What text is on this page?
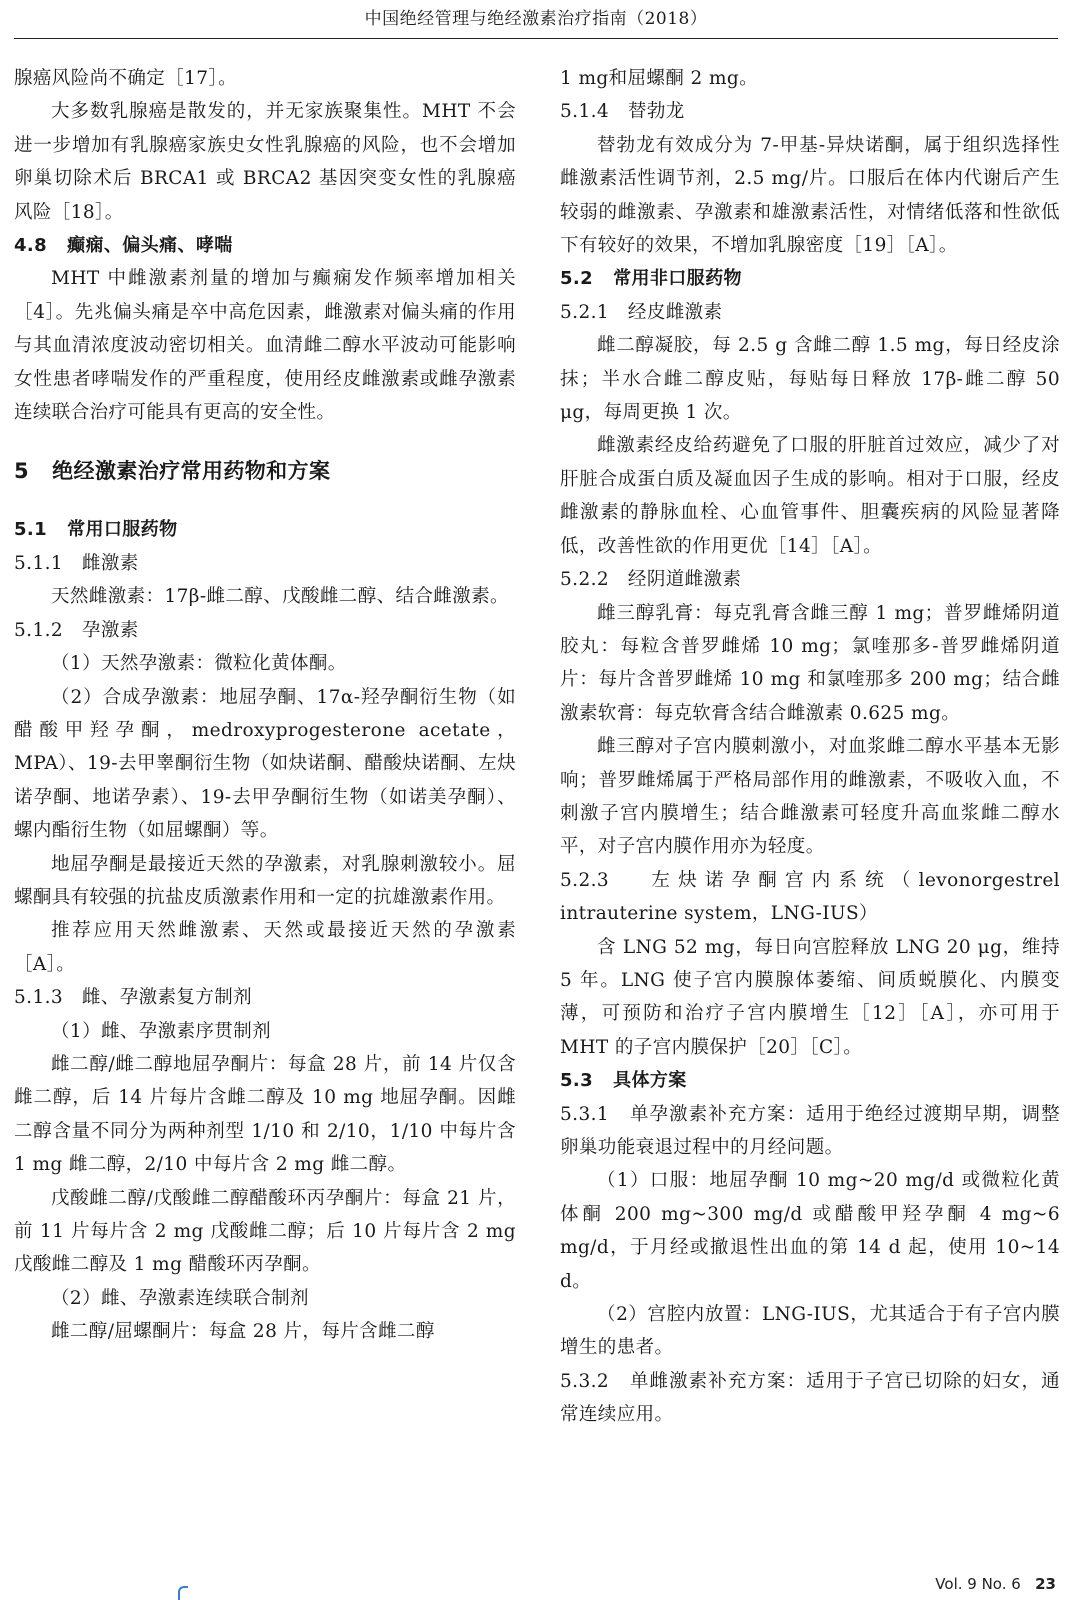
中国绝经管理与绝经激素治疗指南（2018）

腺癌风险尚不确定［17］。

大多数乳腺癌是散发的，并无家族聚集性。MHT 不会进一步增加有乳腺癌家族史女性乳腺癌的风险，也不会增加卵巢切除术后 BRCA1 或 BRCA2 基因突变女性的乳腺癌风险［18］。

4.8   癫痫、偏头痛、哮喘

MHT 中雌激素剂量的增加与癫痫发作频率增加相关［4］。先兆偏头痛是卒中高危因素，雌激素对偏头痛的作用与其血清浓度波动密切相关。血清雌二醇水平波动可能影响女性患者哮喘发作的严重程度，使用经皮雌激素或雌孕激素连续联合治疗可能具有更高的安全性。

5   绝经激素治疗常用药物和方案

5.1   常用口服药物

5.1.1   雌激素

天然雌激素：17β-雌二醇、戊酸雌二醇、结合雌激素。

5.1.2   孕激素

（1）天然孕激素：微粒化黄体酮。

（2）合成孕激素：地屈孕酮、17α-羟孕酮衍生物（如醋酸甲羟孕酮，medroxyprogesterone acetate，MPA）、19-去甲睾酮衍生物（如炔诺酮、醋酸炔诺酮、左炔诺孕酮、地诺孕素）、19-去甲孕酮衍生物（如诺美孕酮）、螺内酯衍生物（如屈螺酮）等。

地屈孕酮是最接近天然的孕激素，对乳腺刺激较小。屈螺酮具有较强的抗盐皮质激素作用和一定的抗雄激素作用。

推荐应用天然雌激素、天然或最接近天然的孕激素［A］。

5.1.3   雌、孕激素复方制剂

（1）雌、孕激素序贯制剂

雌二醇/雌二醇地屈孕酮片：每盒 28 片，前 14 片仅含雌二醇，后 14 片每片含雌二醇及 10 mg 地屈孕酮。因雌二醇含量不同分为两种剂型 1/10 和 2/10，1/10 中每片含 1 mg 雌二醇，2/10 中每片含 2 mg 雌二醇。

戊酸雌二醇/戊酸雌二醇醋酸环丙孕酮片：每盒 21 片，前 11 片每片含 2 mg 戊酸雌二醇；后 10 片每片含 2 mg 戊酸雌二醇及 1 mg 醋酸环丙孕酮。

（2）雌、孕激素连续联合制剂

雌二醇/屈螺酮片：每盒 28 片，每片含雌二醇

1 mg和屈螺酮 2 mg。

5.1.4   替勃龙

替勃龙有效成分为 7-甲基-异炔诺酮，属于组织选择性雌激素活性调节剂，2.5 mg/片。口服后在体内代谢后产生较弱的雌激素、孕激素和雄激素活性，对情绪低落和性欲低下有较好的效果，不增加乳腺密度［19］［A］。

5.2   常用非口服药物

5.2.1   经皮雌激素

雌二醇凝胶，每 2.5 g 含雌二醇 1.5 mg，每日经皮涂抹；半水合雌二醇皮贴，每贴每日释放 17β-雌二醇 50 μg，每周更换 1 次。

雌激素经皮给药避免了口服的肝脏首过效应，减少了对肝脏合成蛋白质及凝血因子生成的影响。相对于口服，经皮雌激素的静脉血栓、心血管事件、胆囊疾病的风险显著降低，改善性欲的作用更优［14］［A］。

5.2.2   经阴道雌激素

雌三醇乳膏：每克乳膏含雌三醇 1 mg；普罗雌烯阴道胶丸：每粒含普罗雌烯 10 mg；氯喹那多-普罗雌烯阴道片：每片含普罗雌烯 10 mg 和氯喹那多 200 mg；结合雌激素软膏：每克软膏含结合雌激素 0.625 mg。

雌三醇对子宫内膜刺激小，对血浆雌二醇水平基本无影响；普罗雌烯属于严格局部作用的雌激素，不吸收入血，不刺激子宫内膜增生；结合雌激素可轻度升高血浆雌二醇水平，对子宫内膜作用亦为轻度。

5.2.3   左炔诺孕酮宫内系统（levonorgestrel intrauterine system，LNG-IUS）

含 LNG 52 mg，每日向宫腔释放 LNG 20 μg，维持 5 年。LNG 使子宫内膜腺体萎缩、间质蜕膜化、内膜变薄，可预防和治疗子宫内膜增生［12］［A］，亦可用于 MHT 的子宫内膜保护［20］［C］。

5.3   具体方案

5.3.1   单孕激素补充方案：适用于绝经过渡期早期，调整卵巢功能衰退过程中的月经问题。

（1）口服：地屈孕酮 10 mg~20 mg/d 或微粒化黄体酮 200 mg~300 mg/d 或醋酸甲羟孕酮 4 mg~6 mg/d，于月经或撤退性出血的第 14 d 起，使用 10~14 d。

（2）宫腔内放置：LNG-IUS，尤其适合于有子宫内膜增生的患者。

5.3.2   单雌激素补充方案：适用于子宫已切除的妇女，通常连续应用。

Vol. 9 No. 6 23
